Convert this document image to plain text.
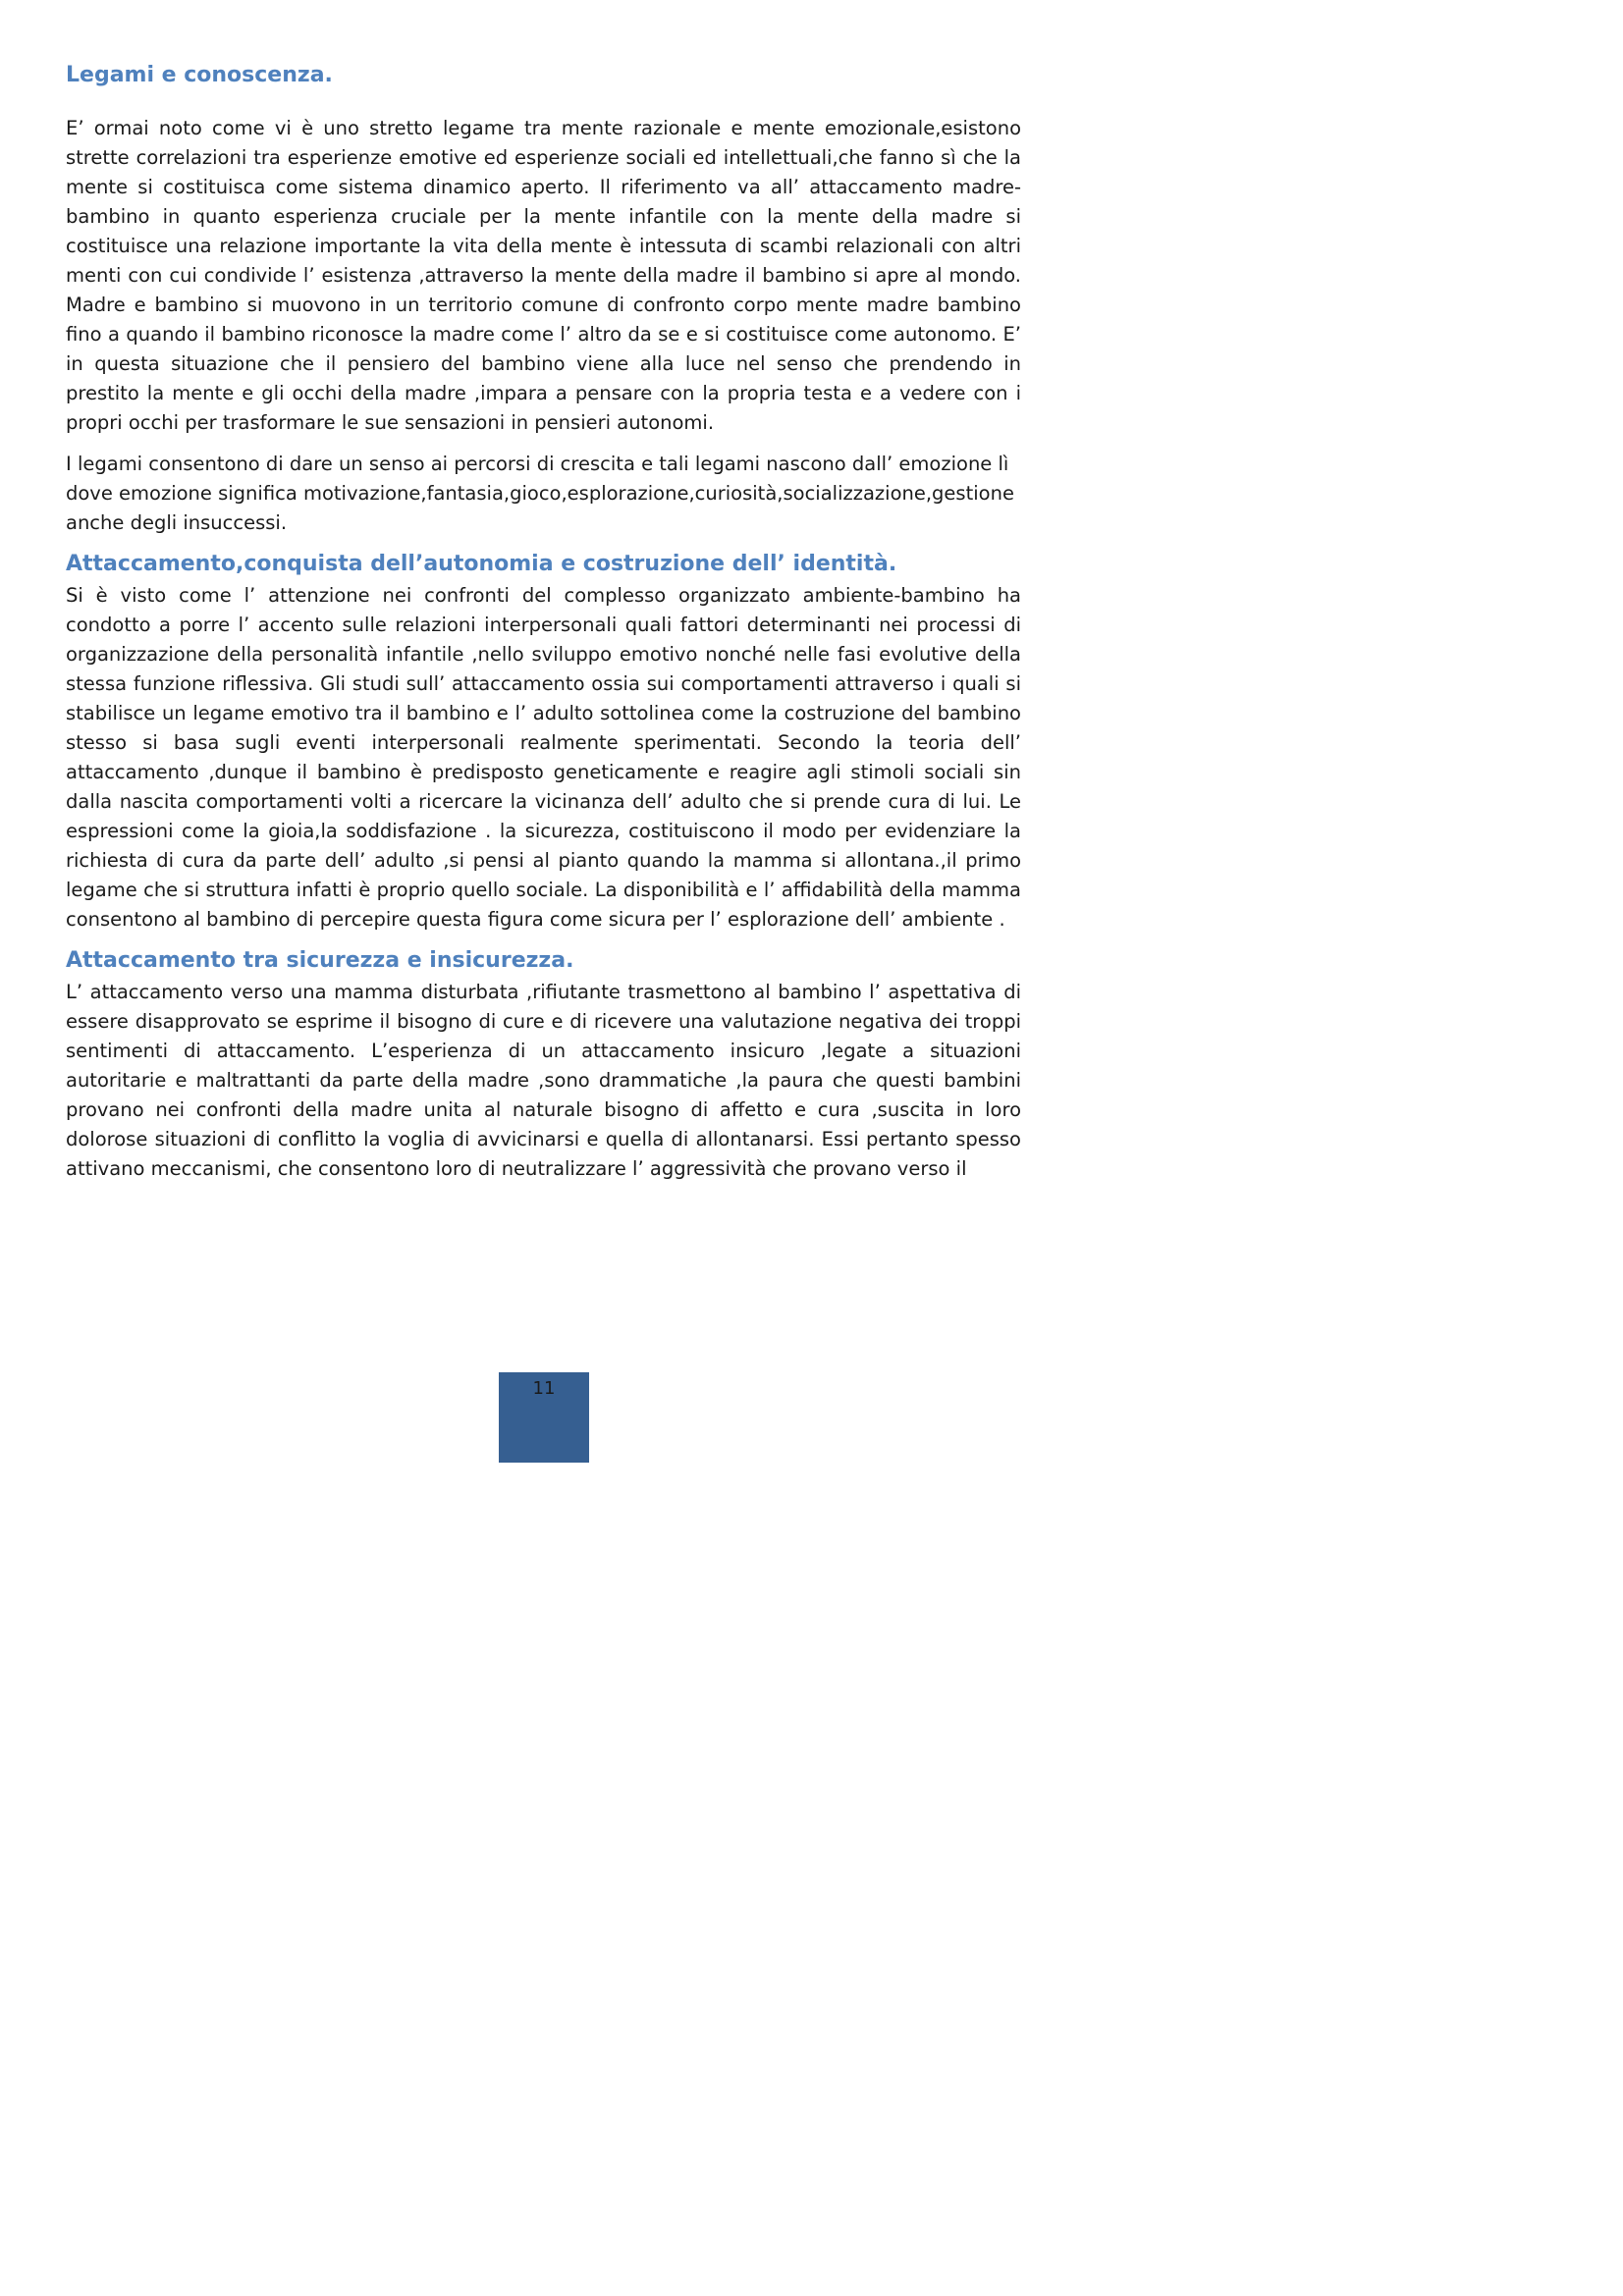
Legami e conoscenza.

E’ ormai noto come vi è uno stretto legame tra mente razionale e mente emozionale,esistono strette correlazioni tra esperienze emotive ed esperienze sociali ed intellettuali,che fanno sì che la mente si costituisca come sistema dinamico aperto. Il riferimento va all’ attaccamento madre- bambino in quanto esperienza cruciale per la mente infantile con la mente della madre si costituisce una relazione importante la vita della mente è intessuta di scambi relazionali con altri menti con cui condivide l’ esistenza ,attraverso la mente della madre il bambino si apre al mondo. Madre e bambino si muovono in un territorio comune di confronto corpo mente madre bambino fino a quando il bambino riconosce la madre come l’ altro da se e si costituisce come autonomo. E’ in questa situazione che il pensiero del bambino viene alla luce nel senso che prendendo in prestito la mente e gli occhi della madre ,impara a pensare con la propria testa e a vedere con i propri occhi per trasformare le sue sensazioni in pensieri autonomi.

I legami consentono di dare un senso ai percorsi di crescita e tali legami nascono dall’ emozione lì dove emozione significa motivazione,fantasia,gioco,esplorazione,curiosità,socializzazione,gestione anche degli insuccessi.

Attaccamento,conquista dell’autonomia e costruzione dell’ identità.

Si è visto come l’ attenzione nei confronti del complesso organizzato ambiente-bambino ha condotto a porre l’ accento sulle relazioni interpersonali quali fattori determinanti nei processi di organizzazione della personalità infantile ,nello sviluppo emotivo nonché nelle fasi evolutive della stessa funzione riflessiva. Gli studi sull’ attaccamento ossia sui comportamenti attraverso i quali si stabilisce un legame emotivo tra il bambino e l’ adulto sottolinea come la costruzione del bambino stesso si basa sugli eventi interpersonali realmente sperimentati. Secondo la teoria dell’ attaccamento ,dunque il bambino è predisposto geneticamente e reagire agli stimoli sociali sin dalla nascita comportamenti volti a ricercare la vicinanza dell’ adulto che si prende cura di lui. Le espressioni come la gioia,la soddisfazione . la sicurezza, costituiscono il modo per evidenziare la richiesta di cura da parte dell’ adulto ,si pensi al pianto quando la mamma si allontana.,il primo legame che si struttura infatti è proprio quello sociale. La disponibilità e l’ affidabilità della mamma consentono al bambino di percepire questa figura come sicura per l’ esplorazione dell’ ambiente .

Attaccamento tra sicurezza e insicurezza.

L’ attaccamento verso una mamma disturbata ,rifiutante trasmettono al bambino l’ aspettativa di essere disapprovato se esprime il bisogno di cure e di ricevere una valutazione negativa dei troppi sentimenti di attaccamento. L’esperienza di un attaccamento insicuro ,legate a situazioni autoritarie e maltrattanti da parte della madre ,sono drammatiche ,la paura che questi bambini provano nei confronti della madre unita al naturale bisogno di affetto e cura ,suscita in loro dolorose situazioni di conflitto la voglia di avvicinarsi e quella di allontanarsi. Essi pertanto spesso attivano meccanismi, che consentono loro di neutralizzare l’ aggressività che provano verso il

11
